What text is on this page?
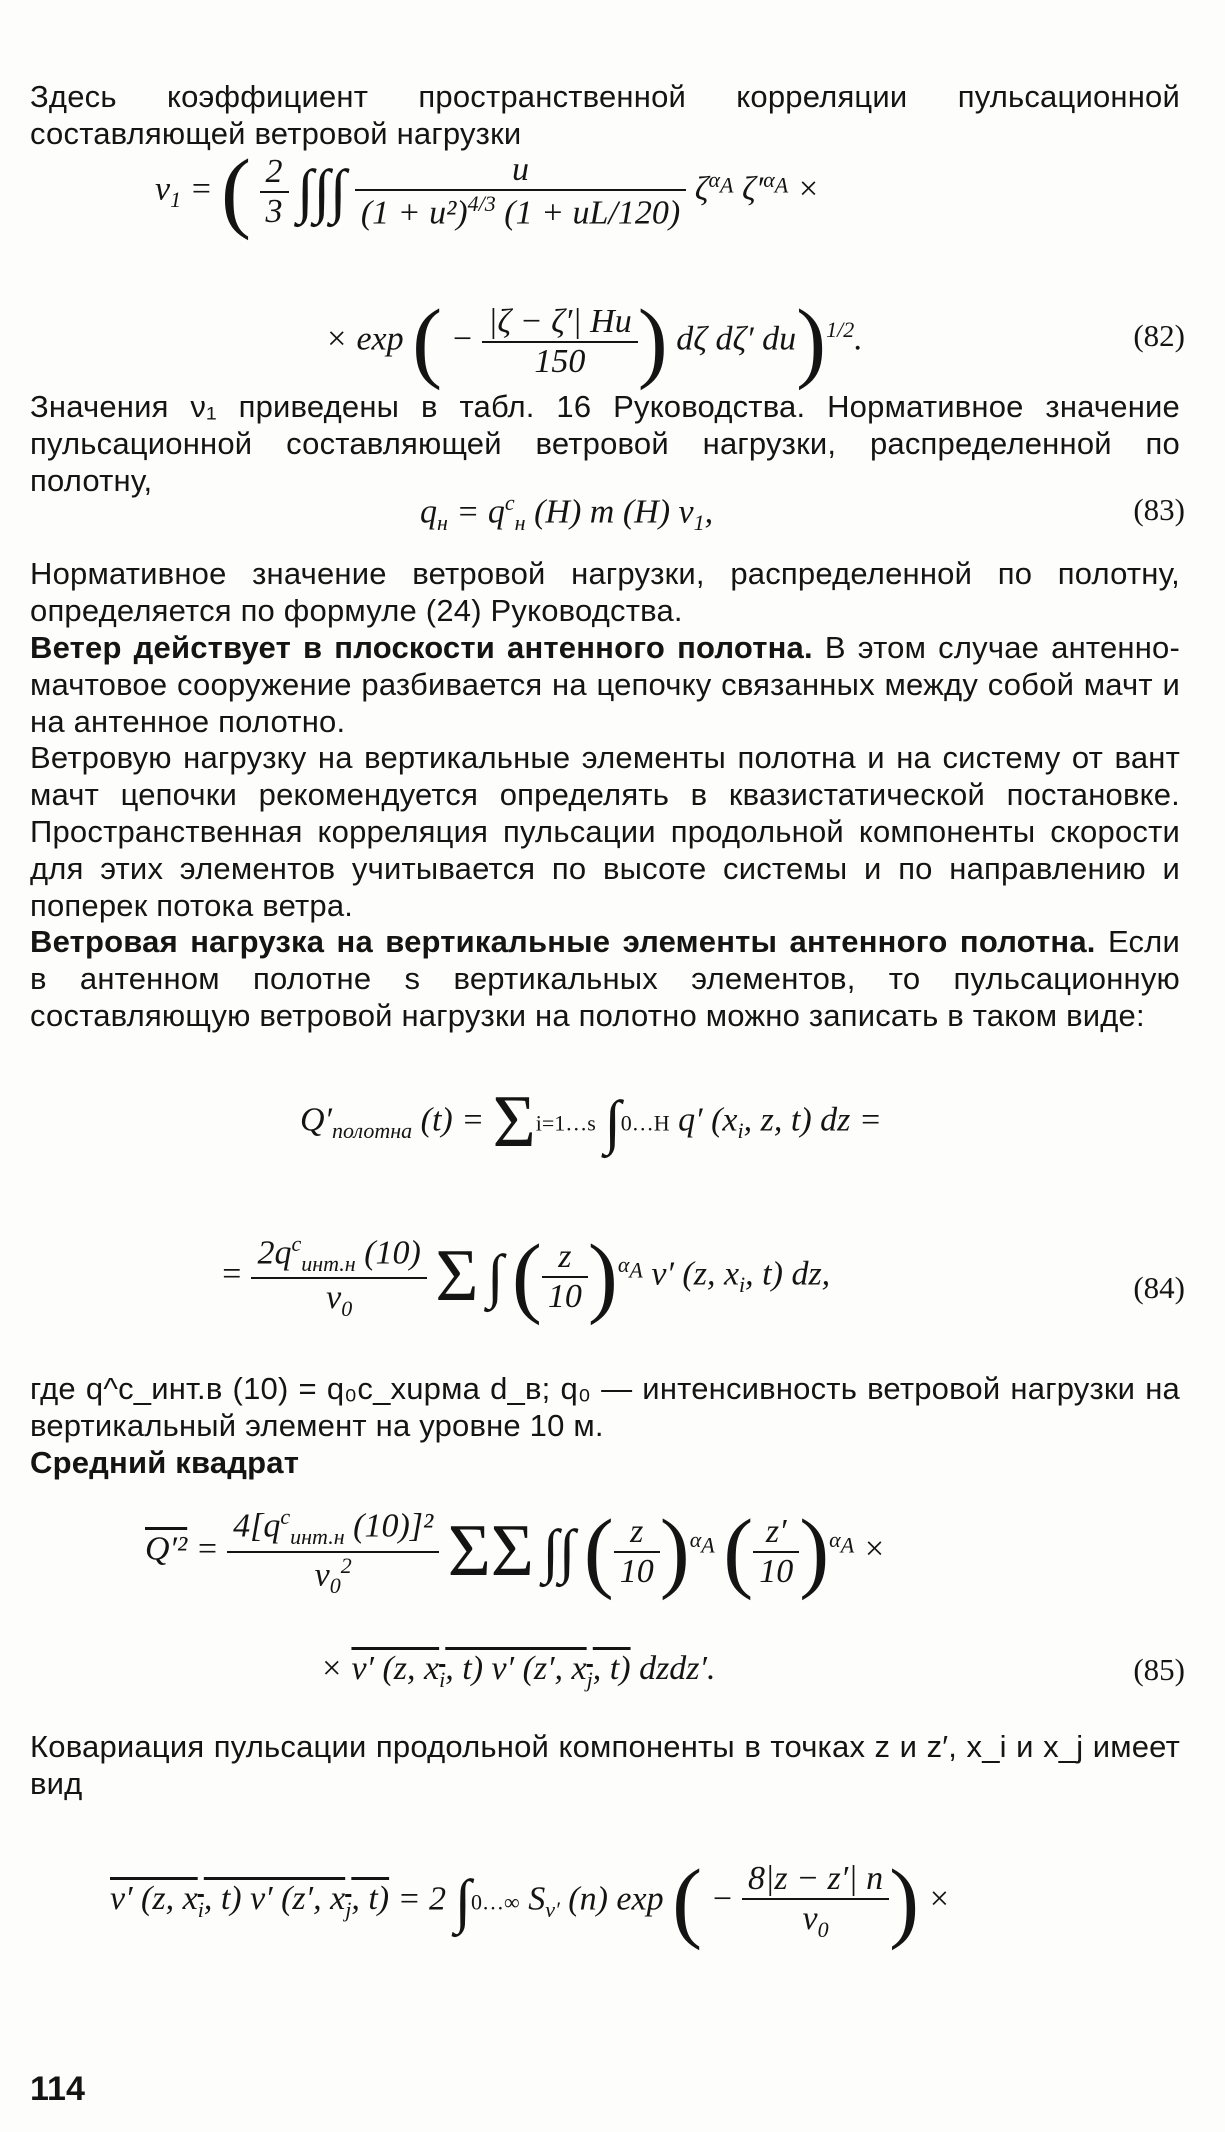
Здесь коэффициент пространственной корреляции пульсационной составляющей ветровой нагрузки
$\nu_1$ = ( $\frac{2}{3}$ ∫∫∫ $\frac{u}{(1 + u^2)^{4/3} (1 + uL/120)} \zeta^{\alpha_A}$ $\zeta'^{\alpha_A}$ ×
× exp ( − $\frac{|\zeta - \zeta'| Hu}{150}$ ) dζ dζ′ du)$^{1/2}$.	(82)
Значения ν₁ приведены в табл. 16 Руководства. Нормативное значение пульсационной составляющей ветровой нагрузки, распределенной по полотну,
$q_н = q^c_н$ (H) m (H) $\nu_1$,	(83)
Нормативное значение ветровой нагрузки, распределенной по полотну, определяется по формуле (24) Руководства.
Ветер действует в плоскости антенного полотна. В этом случае антенно-мачтовое сооружение разбивается на цепочку связанных между собой мачт и на антенное полотно.
Ветровую нагрузку на вертикальные элементы полотна и на систему от вант мачт цепочки рекомендуется определять в квазистатической постановке. Пространственная корреляция пульсации продольной компоненты скорости для этих элементов учитывается по высоте системы и по направлению и поперек потока ветра.
Ветровая нагрузка на вертикальные элементы антенного полотна. Если в антенном полотне s вертикальных элементов, то пульсационную составляющую ветровой нагрузки на полотно можно записать в таком виде:
$Q'_{полотна}$ (t) = Σi=1…s ∫0…H q′ ($x_i$, z, t) dz =
= $\frac{2q^c_{инт.н} (10)}{v_0}$ Σ ∫ ( $\frac{z}{10} )^{\alpha_A}$ v′ (z, $x_i$, t) dz,	(84)
где q^c_инт.в (10) = q₀c_хuрма d_в; q₀ — интенсивность ветровой нагрузки на вертикальный элемент на уровне 10 м.
Средний квадрат
$Q'^2 = \frac{4[q^c_{инт.н} (10)]^2}{v_0^2}$ ΣΣ ∫∫ ( $\frac{z}{10} )^{\alpha_A}$ ( $\frac{z'}{10} )^{\alpha_A}$ ×
× v′ (z, $x_i$, t) v′ (z′, $x_j$, t) dzdz′.	(85)
Ковариация пульсации продольной компоненты в точках z и z′, x_i и x_j имеет вид
v′ (z, $x_i$, t) v′ (z′, $x_j$, t) = 2 ∫0…∞ $S_{v'}$ (n) exp ( − $\frac{8|z - z'| n}{v_0}$ ) ×
114
